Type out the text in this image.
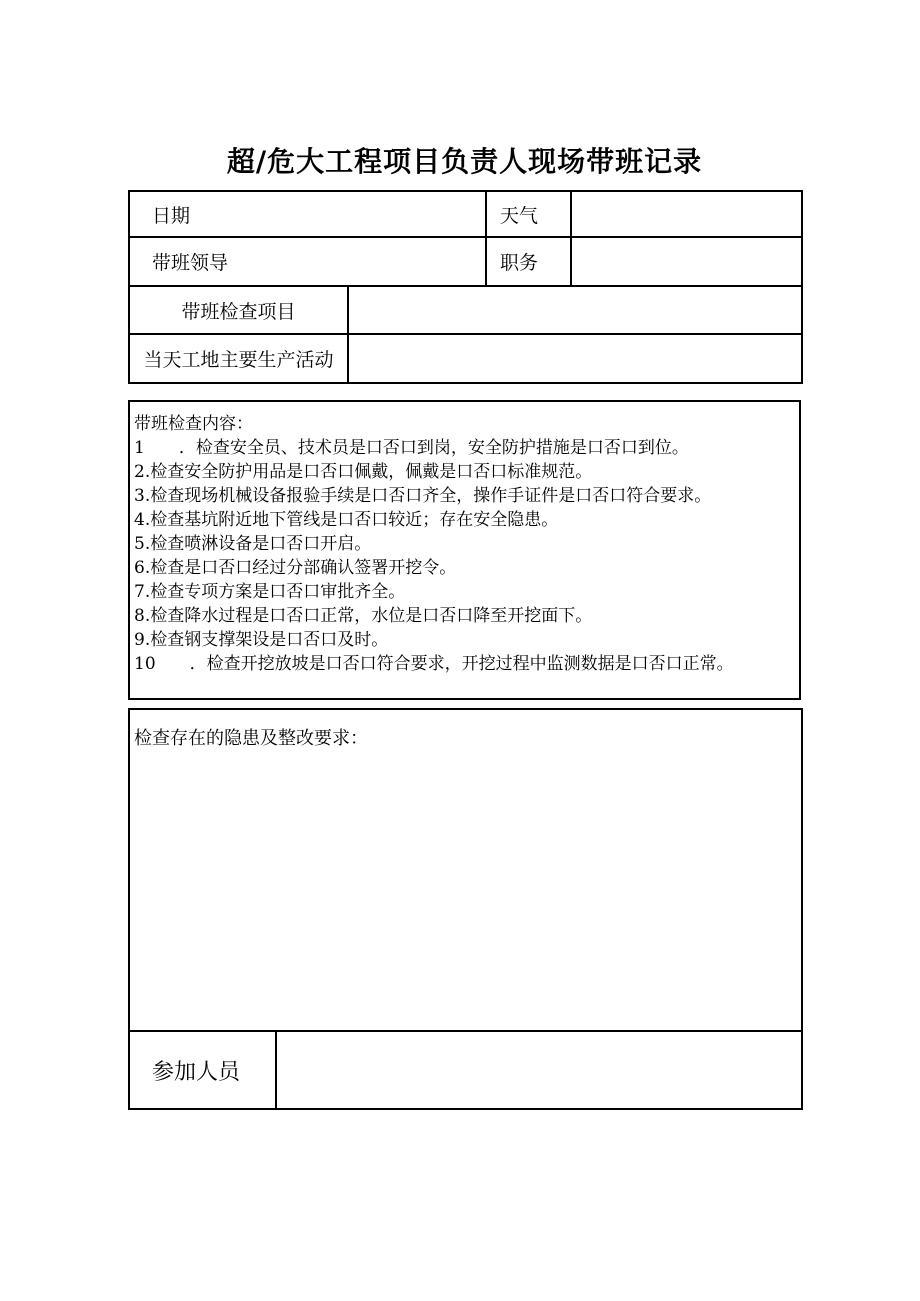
超/危大工程项目负责人现场带班记录
日期		天气	
带班领导		职务	
带班检查项目			
当天工地主要生产活动			
带班检查内容：
1　　．检查安全员、技术员是口否口到岗，安全防护措施是口否口到位。
2.检查安全防护用品是口否口佩戴，佩戴是口否口标准规范。
3.检查现场机械设备报验手续是口否口齐全，操作手证件是口否口符合要求。
4.检查基坑附近地下管线是口否口较近；存在安全隐患。
5.检查喷淋设备是口否口开启。
6.检查是口否口经过分部确认签署开挖令。
7.检查专项方案是口否口审批齐全。
8.检查降水过程是口否口正常，水位是口否口降至开挖面下。
9.检查钢支撑架设是口否口及时。
10　　．检查开挖放坡是口否口符合要求，开挖过程中监测数据是口否口正常。
检查存在的隐患及整改要求：
参加人员	
